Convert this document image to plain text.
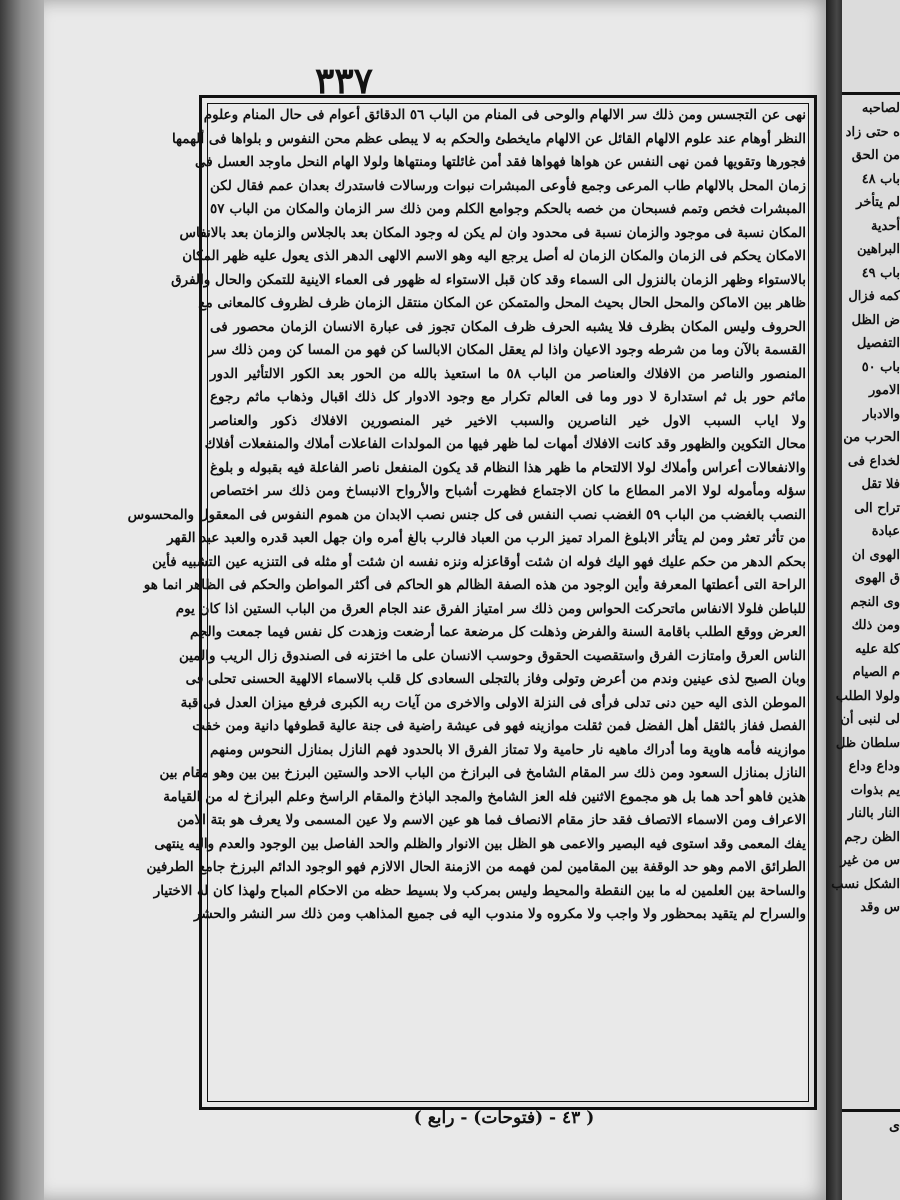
٣٣٧
نهى عن التجسس ومن ذلك سر الالهام والوحى فى المنام من الباب ٥٦ الدقائق أعوام فى حال المنام وعلوم
النظر أوهام عند علوم الالهام القائل عن الالهام مايخطئ والحكم به لا يبطى عظم محن النفوس و بلواها فى ألهمها
فجورها وتقويها فمن نهى النفس عن هواها فهواها فقد أمن غائلتها ومنتهاها ولولا الهام النحل ماوجد العسل فى
زمان المحل بالالهام طاب المرعى وجمع فأوعى المبشرات نبوات ورسالات فاستدرك بعدان عمم فقال لكن
المبشرات فخص وتمم فسبحان من خصه بالحكم وجوامع الكلم ومن ذلك سر الزمان والمكان من الباب ٥٧
المكان نسبة فى موجود والزمان نسبة فى محدود وان لم يكن له وجود المكان بعد بالجلاس والزمان بعد بالانفاس
الامكان يحكم فى الزمان والمكان الزمان له أصل يرجع اليه وهو الاسم الالهى الدهر الذى يعول عليه ظهر المكان
بالاستواء وظهر الزمان بالنزول الى السماء وقد كان قبل الاستواء له ظهور فى العماء الاينية للتمكن والحال والفرق
ظاهر بين الاماكن والمحل الحال بحيث المحل والمتمكن عن المكان منتقل الزمان ظرف لظروف كالمعانى مع
الحروف وليس المكان بظرف فلا يشبه الحرف ظرف المكان تجوز فى عبارة الانسان الزمان محصور فى
القسمة بالآن وما من شرطه وجود الاعيان واذا لم يعقل المكان الابالسا كن فهو من المسا كن ومن ذلك سر
المنصور والناصر من الافلاك والعناصر من الباب ٥٨ ما استعيذ بالله من الحور بعد الكور الالتأثير الدور
ماثم حور بل ثم استدارة لا دور وما فى العالم تكرار مع وجود الادوار كل ذلك اقبال وذهاب ماثم رجوع
ولا اياب السبب الاول خير الناصرين والسبب الاخير خير المنصورين الافلاك ذكور والعناصر
محال التكوين والظهور وقد كانت الافلاك أمهات لما ظهر فيها من المولدات الفاعلات أملاك والمنفعلات أفلاك
والانفعالات أعراس وأملاك لولا الالتحام ما ظهر هذا النظام قد يكون المنفعل ناصر الفاعلة فيه بقبوله و بلوغ
سؤله ومأموله لولا الامر المطاع ما كان الاجتماع فظهرت أشباح والأرواح الانبساخ ومن ذلك سر اختصاص
النصب بالغضب من الباب ٥٩ الغضب نصب النفس فى كل جنس نصب الابدان من هموم النفوس فى المعقول والمحسوس
من تأثر تعثر ومن لم يتأثر الابلوغ المراد تميز الرب من العباد فالرب بالغ أمره وان جهل العبد قدره والعبد عبد القهر
بحكم الدهر من حكم عليك فهو اليك فوله ان شئت أوقاعزله ونزه نفسه ان شئت أو مثله فى التنزيه عين التشبيه فأين
الراحة التى أعطتها المعرفة وأين الوجود من هذه الصفة الظالم هو الحاكم فى أكثر المواطن والحكم فى الظاهر انما هو
للباطن فلولا الانفاس ماتحركت الحواس ومن ذلك سر امتياز الفرق عند الجام العرق من الباب الستين اذا كان يوم
العرض ووقع الطلب باقامة السنة والفرض وذهلت كل مرضعة عما أرضعت وزهدت كل نفس فيما جمعت والجم
الناس العرق وامتازت الفرق واستقصيت الحقوق وحوسب الانسان على ما اختزنه فى الصندوق زال الريب والمين
وبان الصبح لذى عينين وندم من أعرض وتولى وفاز بالتجلى السعادى كل قلب بالاسماء الالهية الحسنى تحلى فى
الموطن الذى اليه حين دنى تدلى فرأى فى النزلة الاولى والاخرى من آيات ربه الكبرى فرفع ميزان العدل فى قبة
الفصل ففاز بالثقل أهل الفضل فمن ثقلت موازينه فهو فى عيشة راضية فى جنة عالية قطوفها دانية ومن خفت
موازينه فأمه هاوية وما أدراك ماهيه نار حامية ولا تمتاز الفرق الا بالحدود فهم النازل بمنازل النحوس ومنهم
النازل بمنازل السعود ومن ذلك سر المقام الشامخ فى البرازخ من الباب الاحد والستين البرزخ بين بين وهو مقام بين
هذين فاهو أحد هما بل هو مجموع الاثنين فله العز الشامخ والمجد الباذخ والمقام الراسخ وعلم البرازخ له من القيامة
الاعراف ومن الاسماء الاتصاف فقد حاز مقام الانصاف فما هو عين الاسم ولا عين المسمى ولا يعرف هو بتة الامن
يفك المعمى وقد استوى فيه البصير والاعمى هو الظل بين الانوار والظلم والحد الفاصل بين الوجود والعدم واليه ينتهى
الطرائق الامم وهو حد الوقفة بين المقامين لمن فهمه من الازمنة الحال الالازم فهو الوجود الدائم البرزخ جامع الطرفين
والساحة بين العلمين له ما بين النقطة والمحيط وليس بمركب ولا بسيط حظه من الاحكام المباح ولهذا كان له الاختيار
والسراح لم يتقيد بمحظور ولا واجب ولا مكروه ولا مندوب اليه فى جميع المذاهب ومن ذلك سر النشر والحشر
( ٤٣ - (فتوحات) - رابع )
لصاحبه
ه حتى زاد
من الحق
باب ٤٨
لم يتأخر
أحدية
البراهين
باب ٤٩
كمه فزال
ض الظل
التفصيل
باب ٥٠
الامور
والادبار
الحرب من
لخداع فى
فلا تقل
تراح الى
عبادة
الهوى ان
ق الهوى
وى النجم
ومن ذلك
كلة عليه
م الصيام
ولولا الطلب
لى لنبى أن
سلطان ظل
وداع وداع
يم بذوات
النار بالنار
الظن رجم
س من غير
الشكل نسب
س وقد
ى
